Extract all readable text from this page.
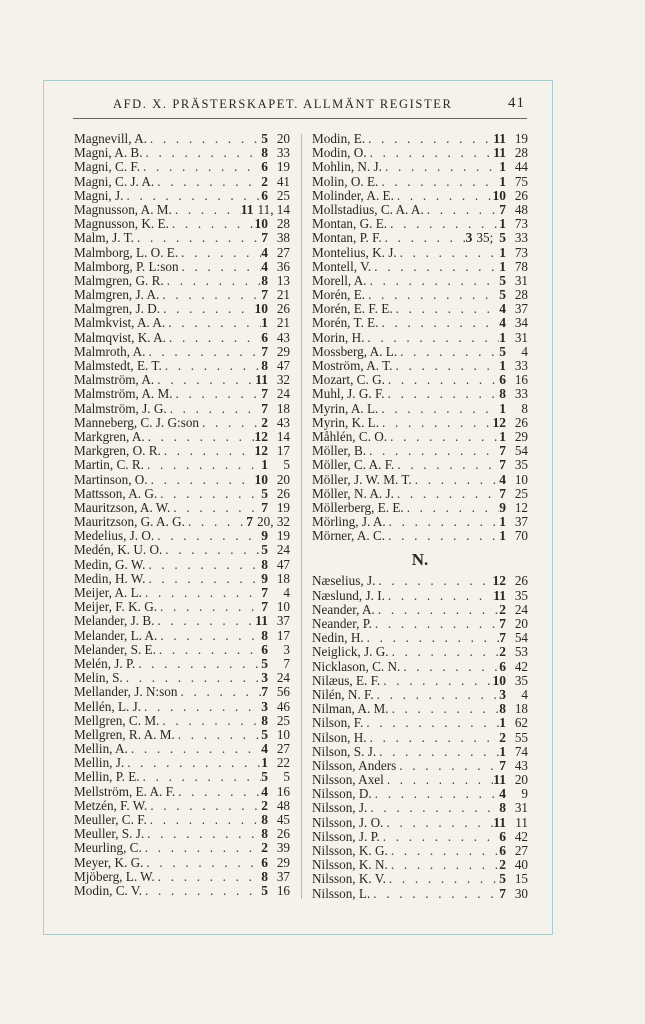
AFD. X. PRÄSTERSKAPET. ALLMÄNT REGISTER	41
Magnevill, A. . . .	5 20
Magni, A. B. . . .	8 33
Magni, C. F. . . .	6 19
Magni, C. J. A. . . .	2 41
Magni, J. . . .	6 25
Magnusson, A. M. . . .	11 11, 14
Magnusson, K. E. . . .	10 28
Malm, J. T. . . .	7 38
Malmborg, L. O. E. . . .	4 27
Malmborg, P. L:son . . .	4 36
Malmgren, G. R. . . .	8 13
Malmgren, J. A. . . .	7 21
Malmgren, J. D. . . .	10 26
Malmkvist, A. A. . . .	1 21
Malmqvist, K. A. . . .	6 43
Malmroth, A. . . .	7 29
Malmstedt, E. T. . . .	8 47
Malmström, A. . . .	11 32
Malmström, A. M. . . .	7 24
Malmström, J. G. . . .	7 18
Manneberg, C. J. G:son . . .	2 43
Markgren, A. . . .	12 14
Markgren, O. R. . . .	12 17
Martin, C. R. . . .	1 5
Martinson, O. . . .	10 20
Mattsson, A. G. . . .	5 26
Mauritzson, A. W. . . .	7 19
Mauritzson, G. A. G. . . .	7 20, 32
Medelius, J. O. . . .	9 19
Medén, K. U. O. . . .	5 24
Medin, G. W. . . .	8 47
Medin, H. W. . . .	9 18
Meijer, A. L. . . .	7 4
Meijer, F. K. G. . . .	7 10
Melander, J. B. . . .	11 37
Melander, L. A. . . .	8 17
Melander, S. E. . . .	6 3
Melén, J. P. . . .	5 7
Melin, S. . . .	3 24
Mellander, J. N:son . . .	7 56
Mellén, L. J. . . .	3 46
Mellgren, C. M. . . .	8 25
Mellgren, R. A. M. . . .	5 10
Mellin, A. . . .	4 27
Mellin, J. . . .	1 22
Mellin, P. E. . . .	5 5
Mellström, E. A. F. . . .	4 16
Metzén, F. W. . . .	2 48
Meuller, C. F. . . .	8 45
Meuller, S. J. . . .	8 26
Meurling, C. . . .	2 39
Meyer, K. G. . . .	6 29
Mjöberg, L. W. . . .	8 37
Modin, C. V. . . .	5 16
Modin, E. . . .	11 19
Modin, O. . . .	11 28
Mohlin, N. J. . . .	1 44
Molin, O. E. . . .	1 75
Molinder, A. E. . . .	10 26
Mollstadius, C. A. A. . . .	7 48
Montan, G. E. . . .	1 73
Montan, P. F. . . .	3 35; 5 33
Montelius, K. J. . . .	1 73
Montell, V. . . .	1 78
Morell, A. . . .	5 31
Morén, E. . . .	5 28
Morén, E. F. E. . . .	4 37
Morén, T. E. . . .	4 34
Morin, H. . . .	1 31
Mossberg, A. L. . . .	5 4
Moström, A. T. . . .	1 33
Mozart, C. G. . . .	6 16
Muhl, J. G. F. . . .	8 33
Myrin, A. L. . . .	1 8
Myrin, K. L. . . .	12 26
Måhlén, C. O. . . .	1 29
Möller, B. . . .	7 54
Möller, C. A. F. . . .	7 35
Möller, J. W. M. T. . . .	4 10
Möller, N. A. J. . . .	7 25
Möllerberg, E. E. . . .	9 12
Mörling, J. A. . . .	1 37
Mörner, A. C. . . .	1 70
N.
Næselius, J. . . .	12 26
Næslund, J. I. . . .	11 35
Neander, A. . . .	2 24
Neander, P. . . .	7 20
Nedin, H. . . .	7 54
Neiglick, J. G. . . .	2 53
Nicklason, C. N. . . .	6 42
Nilæus, E. F. . . .	10 35
Nilén, N. F. . . .	3 4
Nilman, A. M. . . .	8 18
Nilson, F. . . .	1 62
Nilson, H. . . .	2 55
Nilson, S. J. . . .	1 74
Nilsson, Anders . . .	7 43
Nilsson, Axel . . .	11 20
Nilsson, D. . . .	4 9
Nilsson, J. . . .	8 31
Nilsson, J. O. . . .	11 11
Nilsson, J. P. . . .	6 42
Nilsson, K. G. . . .	6 27
Nilsson, K. N. . . .	2 40
Nilsson, K. V. . . .	5 15
Nilsson, L. . . .	7 30
